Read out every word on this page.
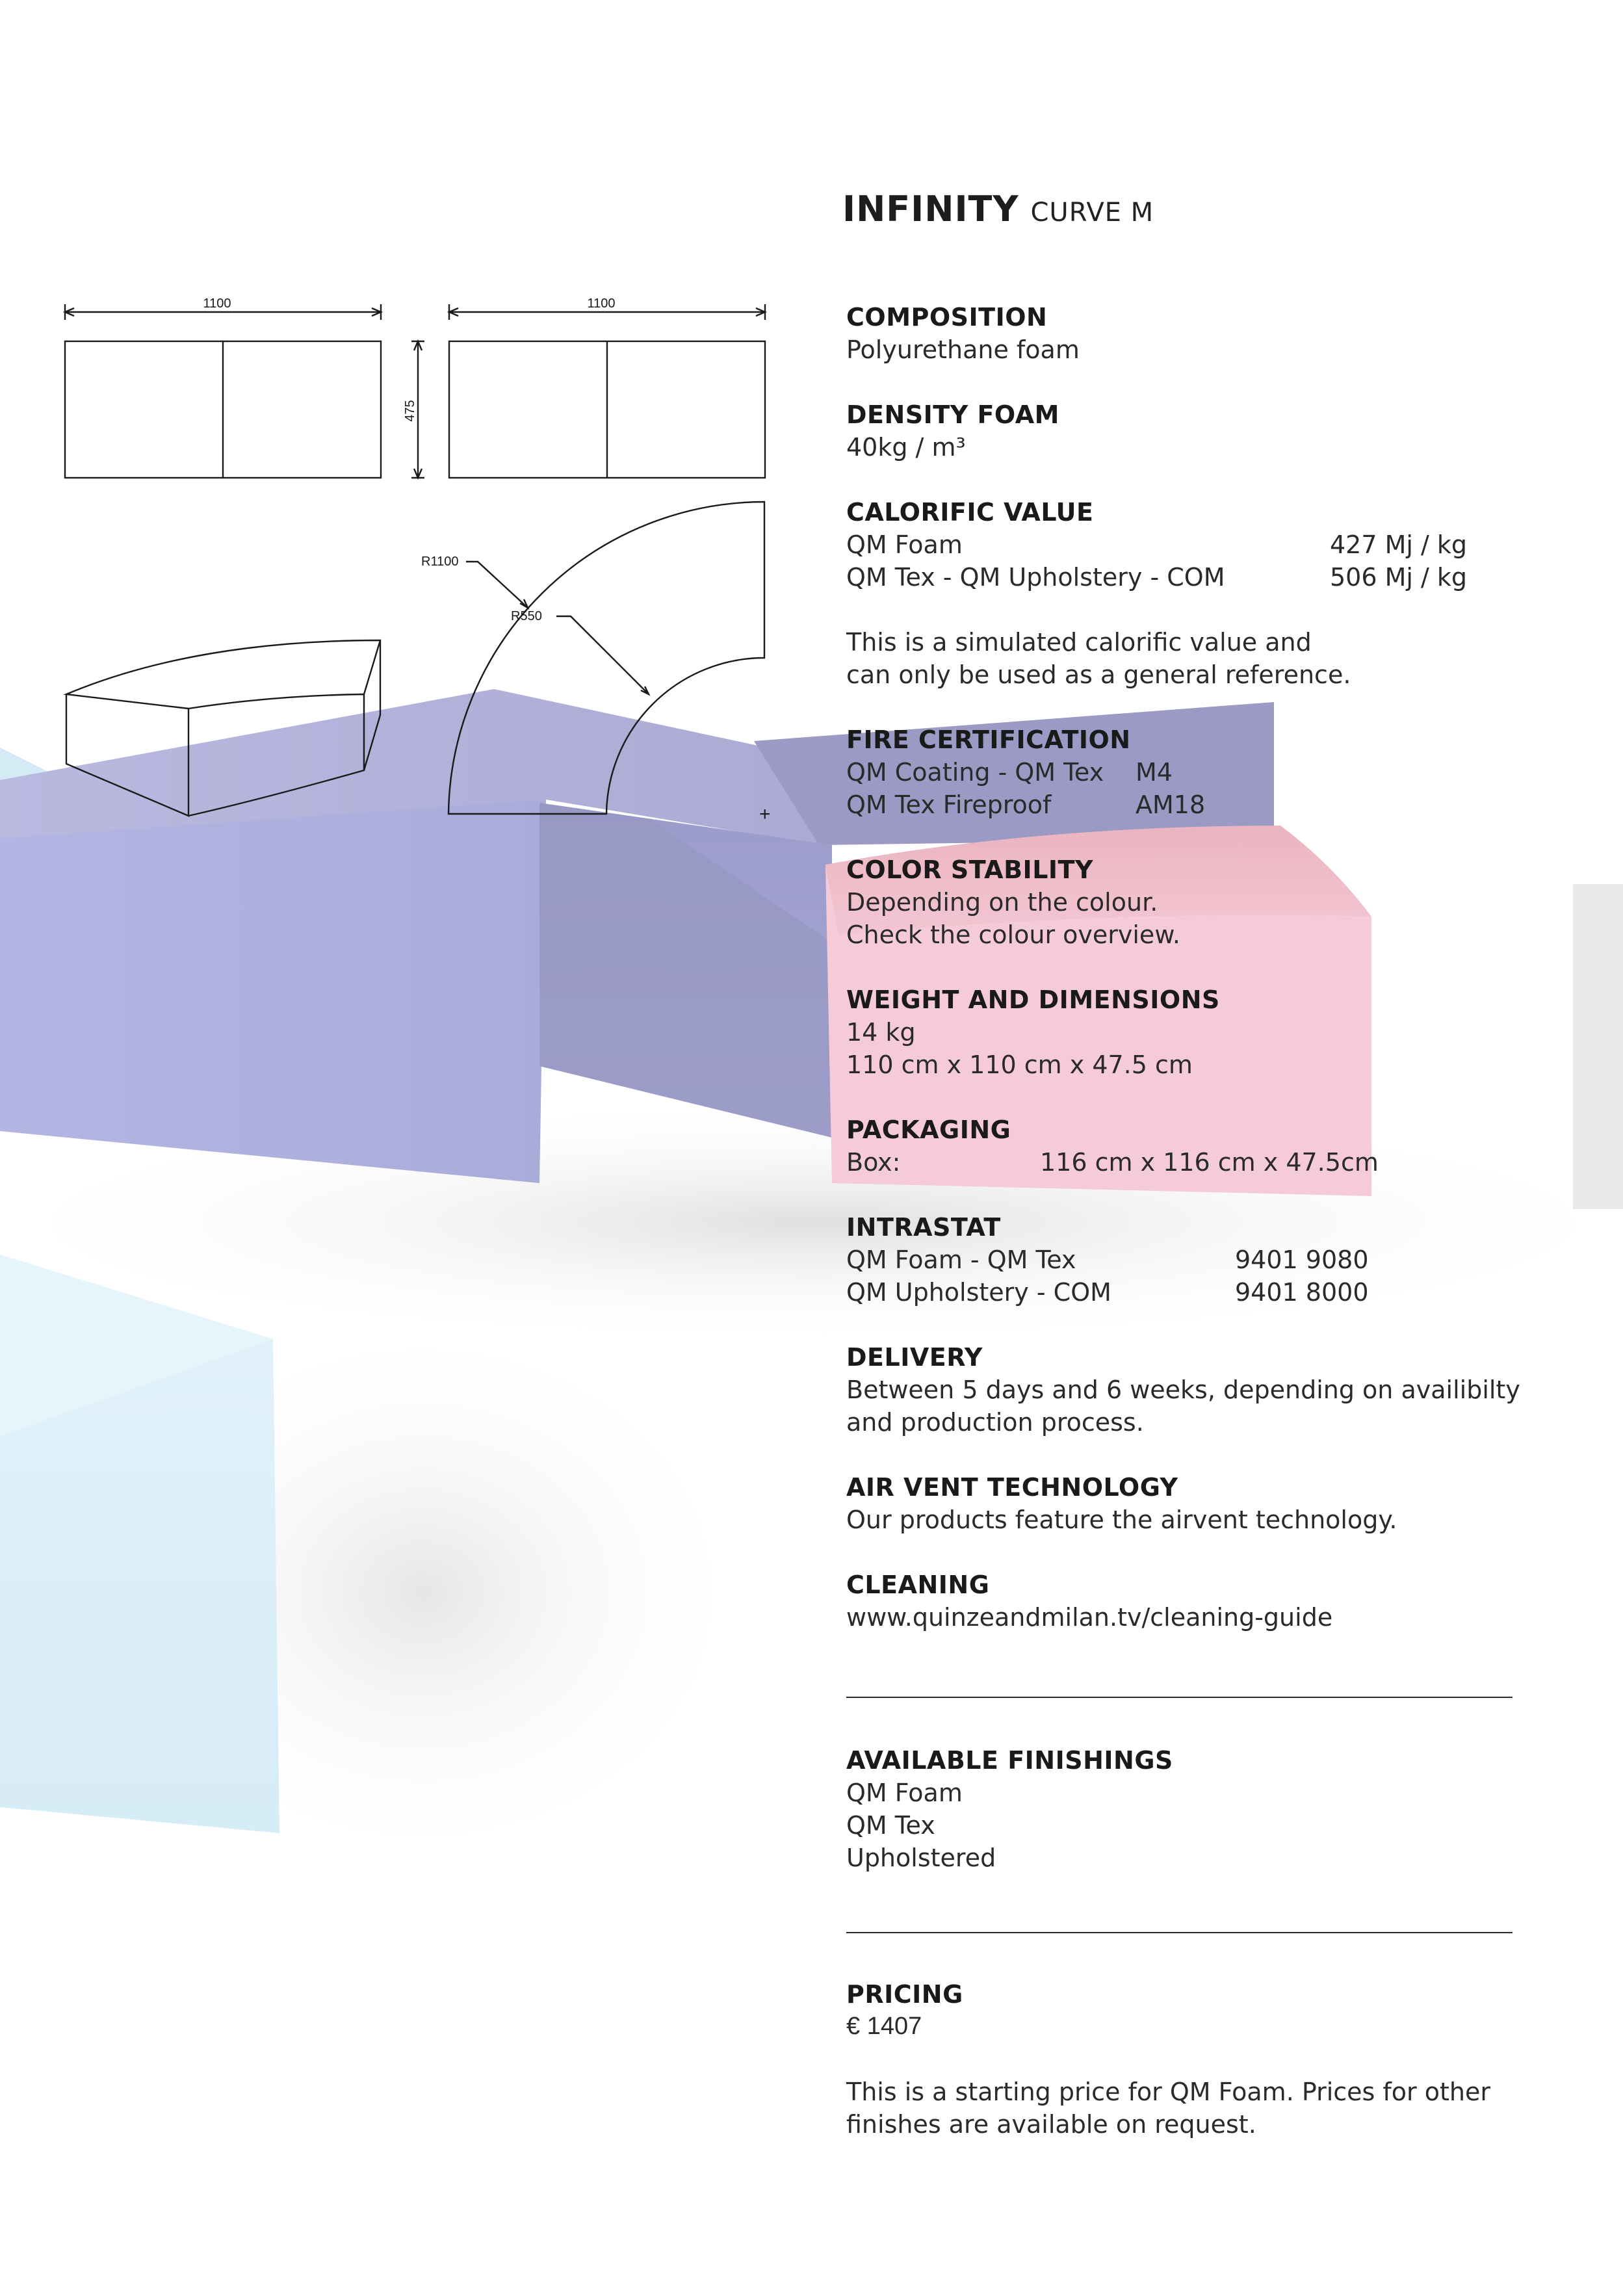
1100	1100
475
R1100
R550
+
INFINITY CURVE M
COMPOSITION
Polyurethane foam
DENSITY FOAM
40kg / m³
CALORIFIC VALUE
QM Foam	427 Mj / kg
QM Tex - QM Upholstery - COM	506 Mj / kg
This is a simulated calorific value and
can only be used as a general reference.
FIRE CERTIFICATION
QM Coating - QM Tex M4
QM Tex Fireproof	AM18
COLOR STABILITY
Depending on the colour.
Check the colour overview.
WEIGHT AND DIMENSIONS
14 kg
110 cm x 110 cm x 47.5 cm
PACKAGING
Box:	116 cm x 116 cm x 47.5cm
INTRASTAT
QM Foam - QM Tex	9401 9080
QM Upholstery - COM	9401 8000
DELIVERY
Between 5 days and 6 weeks, depending on availibilty
and production process.
AIR VENT TECHNOLOGY
Our products feature the airvent technology.
CLEANING
www.quinzeandmilan.tv/cleaning-guide
AVAILABLE FINISHINGS
QM Foam
QM Tex
Upholstered
PRICING
€ 1407
This is a starting price for QM Foam. Prices for other
finishes are available on request.
